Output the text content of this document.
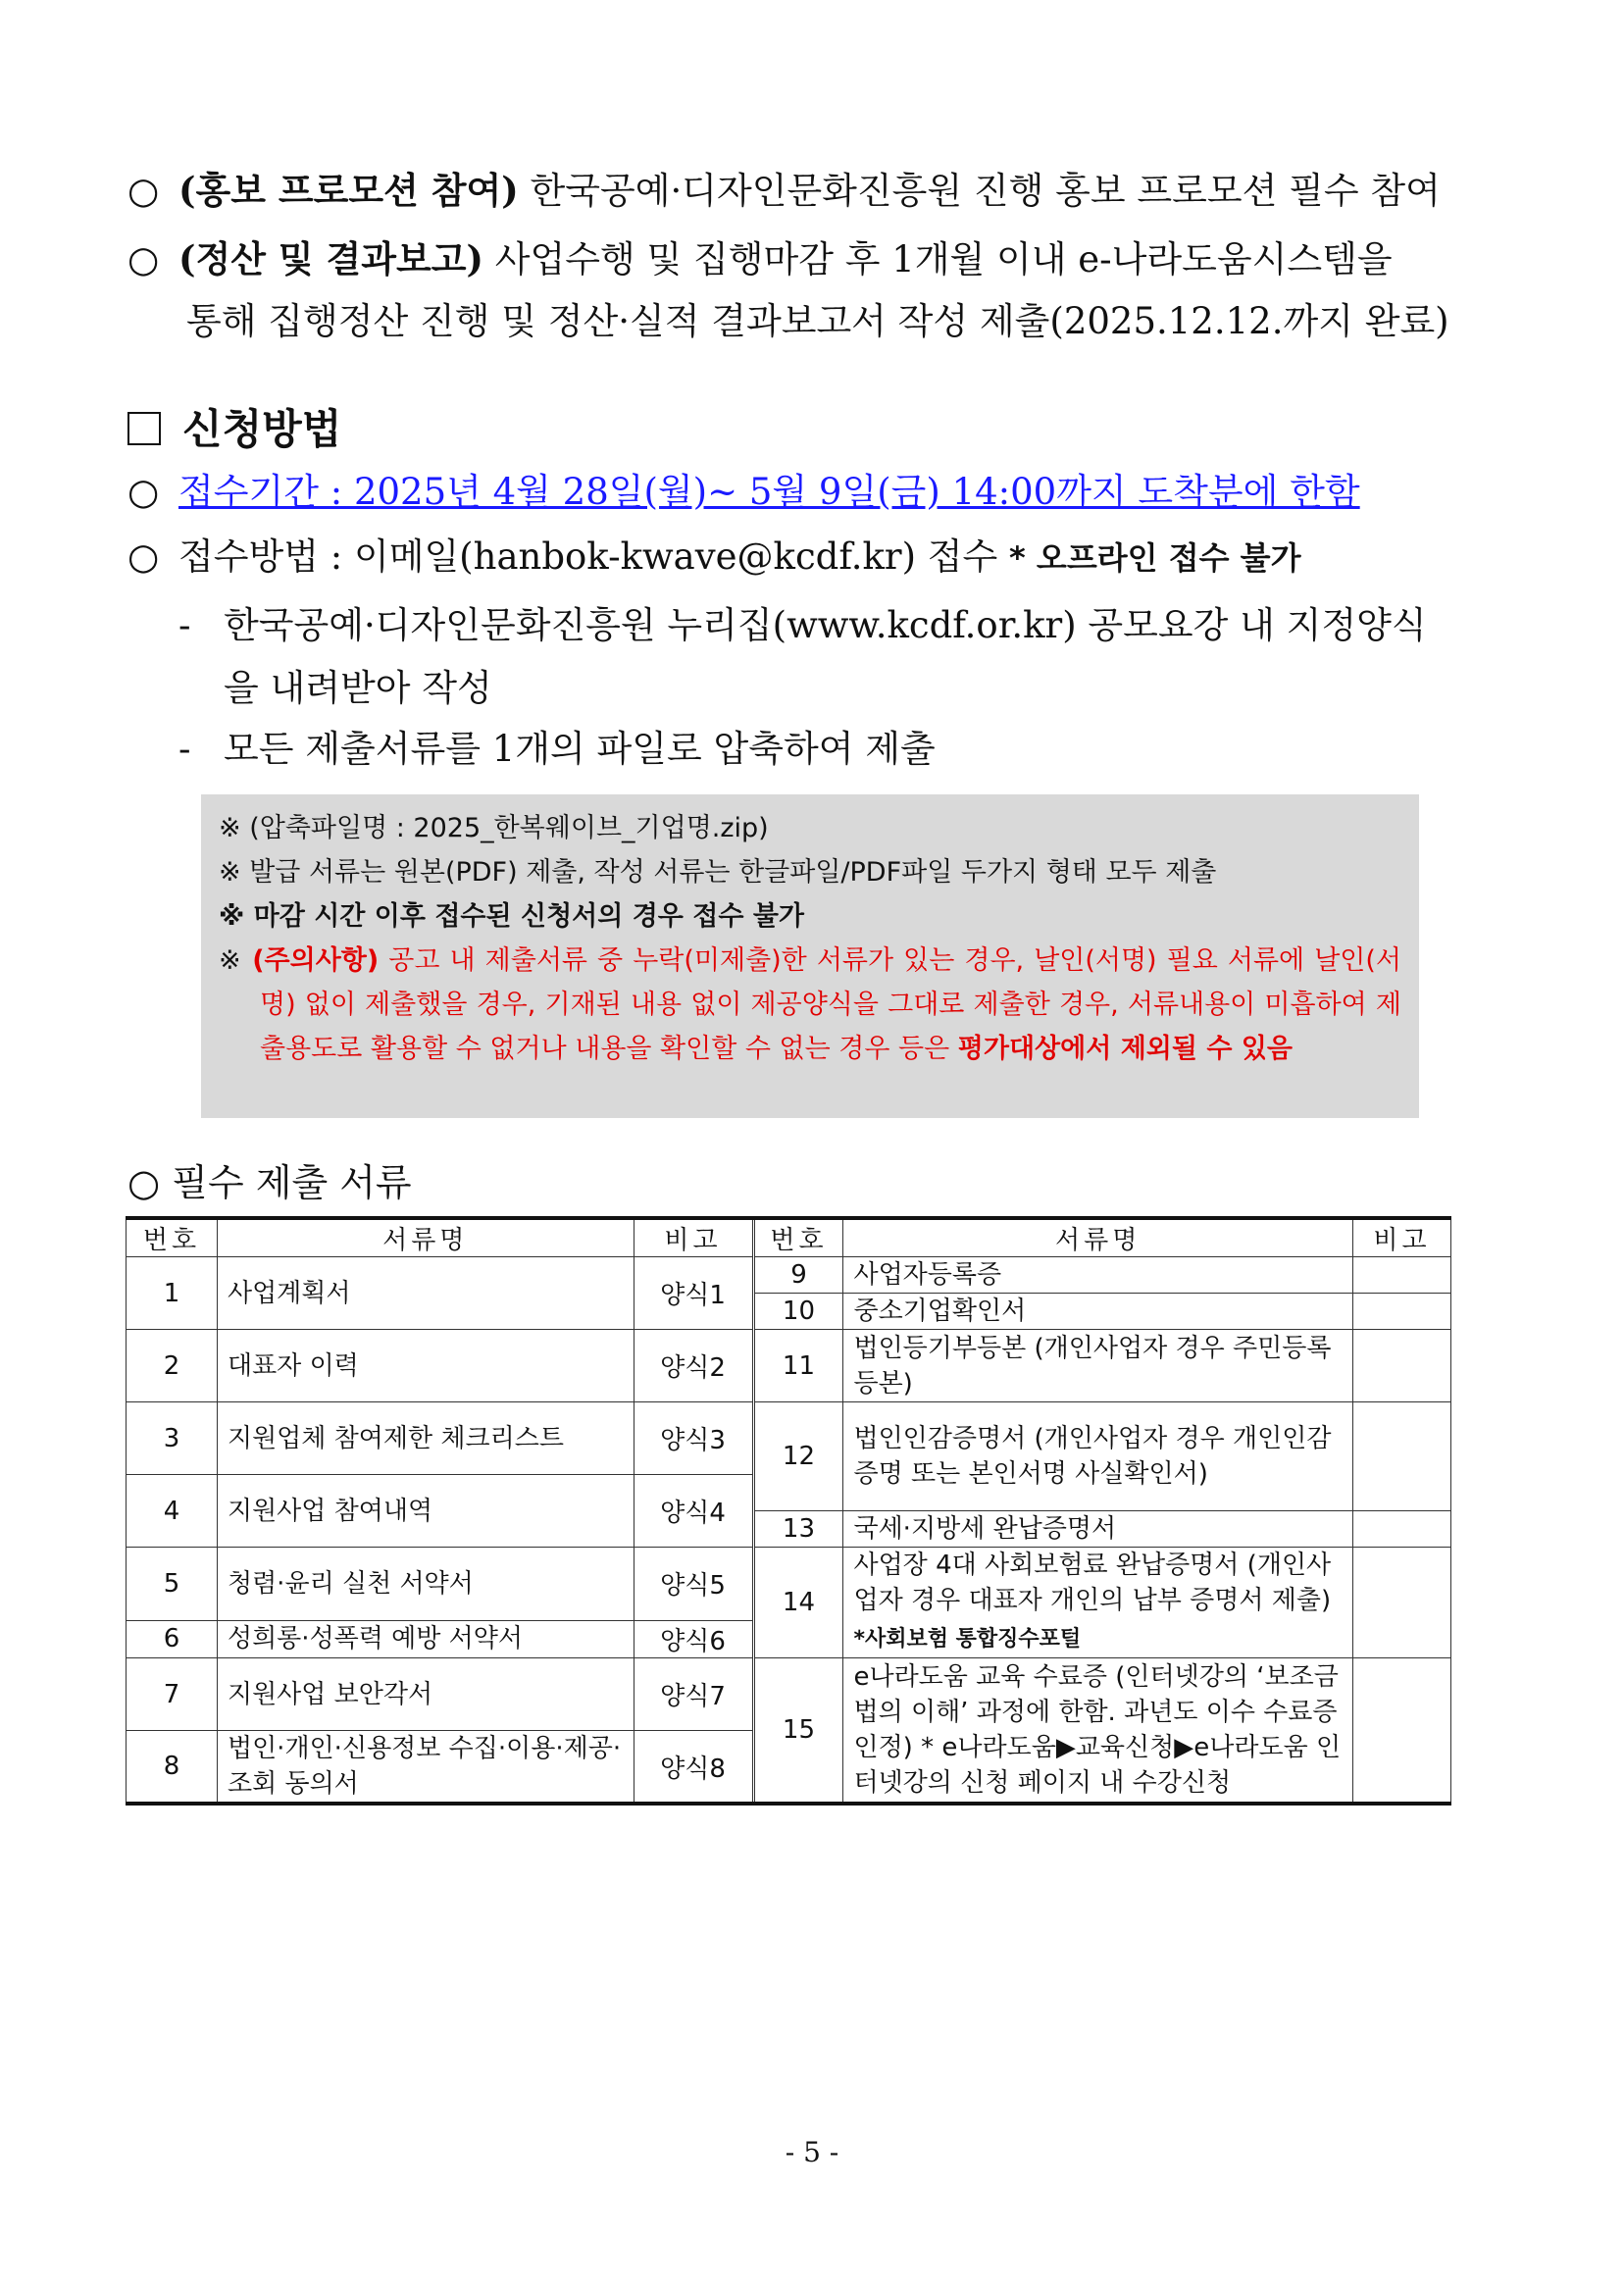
○ (홍보 프로모션 참여) 한국공예·디자인문화진흥원 진행 홍보 프로모션 필수 참여
○ (정산 및 결과보고) 사업수행 및 집행마감 후 1개월 이내 e-나라도움시스템을
통해 집행정산 진행 및 정산·실적 결과보고서 작성 제출(2025.12.12.까지 완료)
신청방법
○ 접수기간 : 2025년 4월 28일(월)~ 5월 9일(금) 14:00까지 도착분에 한함
○ 접수방법 : 이메일(hanbok-kwave@kcdf.kr) 접수 * 오프라인 접수 불가
- 한국공예·디자인문화진흥원 누리집(www.kcdf.or.kr) 공모요강 내 지정양식
을 내려받아 작성
- 모든 제출서류를 1개의 파일로 압축하여 제출

※ (압축파일명 : 2025_한복웨이브_기업명.zip)

※ 발급 서류는 원본(PDF) 제출, 작성 서류는 한글파일/PDF파일 두가지 형태 모두 제출

※ 마감 시간 이후 접수된 신청서의 경우 접수 불가

※ (주의사항) 공고 내 제출서류 중 누락(미제출)한 서류가 있는 경우, 날인(서명) 필요 서류에 날인(서명) 없이 제출했을 경우, 기재된 내용 없이 제공양식을 그대로 제출한 경우, 서류내용이 미흡하여 제출용도로 활용할 수 없거나 내용을 확인할 수 없는 경우 등은 평가대상에서 제외될 수 있음

○ 필수 제출 서류
번호	서류명	비고	번호	서류명	비고
1	사업계획서	양식1	9	사업자등록증	
			10	중소기업확인서	
2	대표자 이력	양식2	11	법인등기부등본 (개인사업자 경우 주민등록등본)	
3	지원업체 참여제한 체크리스트	양식3	12	법인인감증명서 (개인사업자 경우 개인인감증명 또는 본인서명 사실확인서)	
4	지원사업 참여내역	양식4			
			13	국세·지방세 완납증명서	
5	청렴·윤리 실천 서약서	양식5	14	사업장 4대 사회보험료 완납증명서 (개인사업자 경우 대표자 개인의 납부 증명서 제출) *사회보험 통합징수포털	
6	성희롱·성폭력 예방 서약서	양식6			
7	지원사업 보안각서	양식7	15	e나라도움 교육 수료증 (인터넷강의 ‘보조금법의 이해’ 과정에 한함. 과년도 이수 수료증 인정) * e나라도움▶교육신청▶e나라도움 인터넷강의 신청 페이지 내 수강신청	
8	법인·개인·신용정보 수집·이용·제공·조회 동의서	양식8			
- 5 -
